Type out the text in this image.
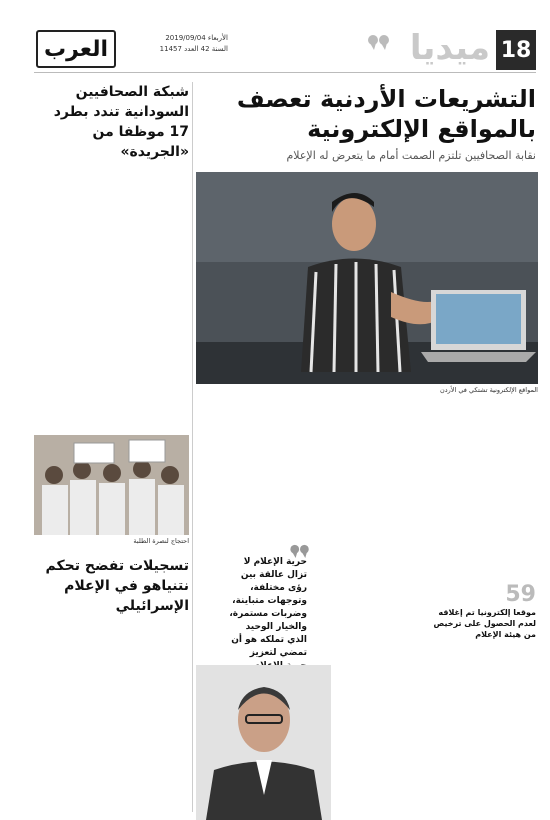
18
ميديا
العرب	الأربعاء 2019/09/04
السنة 42 العدد 11457
التشريعات الأردنية تعصف بالمواقع الإلكترونية
نقابة الصحافيين تلتزم الصمت أمام ما يتعرض له الإعلام
المواقع الإلكترونية تشتكي في الأردن
شبكة الصحافيين السودانية تندد بطرد 17 موظفا من «الجريدة»
احتجاج لنصرة الطلبة
تسجيلات تفضح تحكم نتنياهو في الإعلام الإسرائيلي	59
موقعا إلكترونيا تم إغلاقه لعدم الحصول على ترخيص من هيئة الإعلام
حرية الإعلام لا تزال عالقة بين رؤى مختلفة، وتوجهات متباينة، وضربات مستمرة، والخيار الوحيد الذي تملكه هو أن تمضي لتعزيز
